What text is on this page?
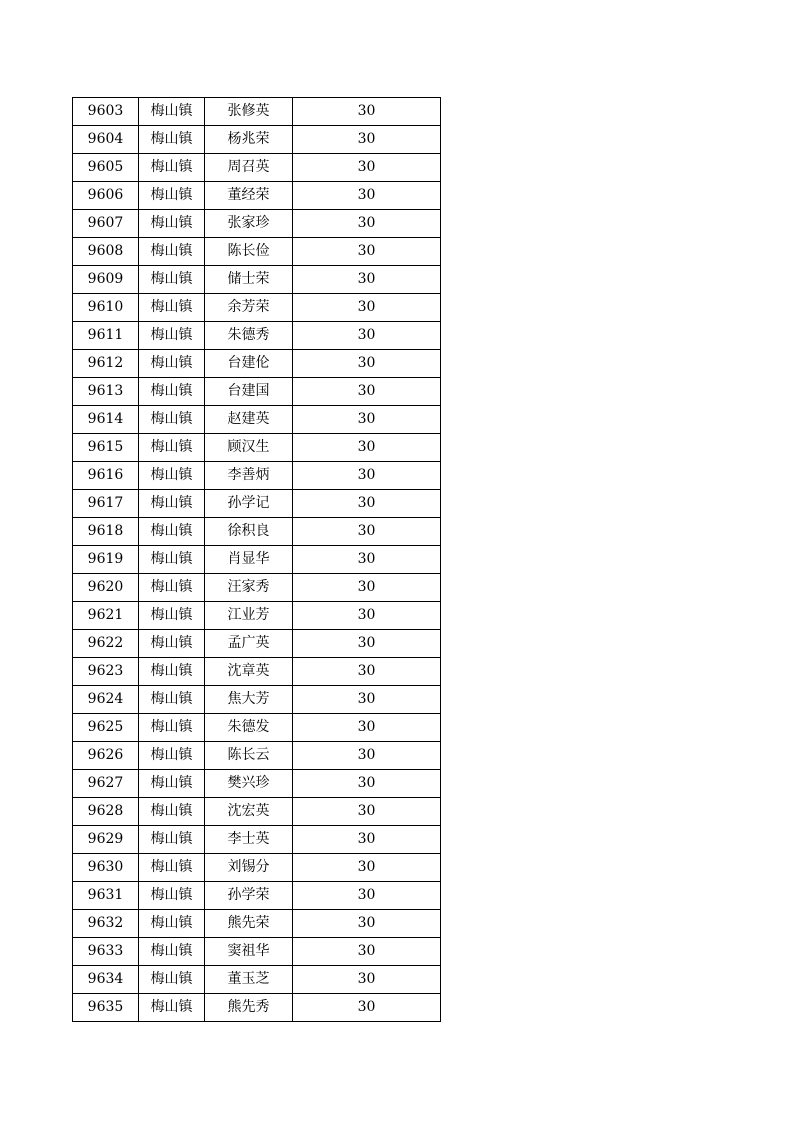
9603	梅山镇	张修英	30
9604	梅山镇	杨兆荣	30
9605	梅山镇	周召英	30
9606	梅山镇	董经荣	30
9607	梅山镇	张家珍	30
9608	梅山镇	陈长俭	30
9609	梅山镇	储士荣	30
9610	梅山镇	余芳荣	30
9611	梅山镇	朱德秀	30
9612	梅山镇	台建伦	30
9613	梅山镇	台建国	30
9614	梅山镇	赵建英	30
9615	梅山镇	顾汉生	30
9616	梅山镇	李善炳	30
9617	梅山镇	孙学记	30
9618	梅山镇	徐积良	30
9619	梅山镇	肖显华	30
9620	梅山镇	汪家秀	30
9621	梅山镇	江业芳	30
9622	梅山镇	孟广英	30
9623	梅山镇	沈章英	30
9624	梅山镇	焦大芳	30
9625	梅山镇	朱德发	30
9626	梅山镇	陈长云	30
9627	梅山镇	樊兴珍	30
9628	梅山镇	沈宏英	30
9629	梅山镇	李士英	30
9630	梅山镇	刘锡分	30
9631	梅山镇	孙学荣	30
9632	梅山镇	熊先荣	30
9633	梅山镇	窦祖华	30
9634	梅山镇	董玉芝	30
9635	梅山镇	熊先秀	30
